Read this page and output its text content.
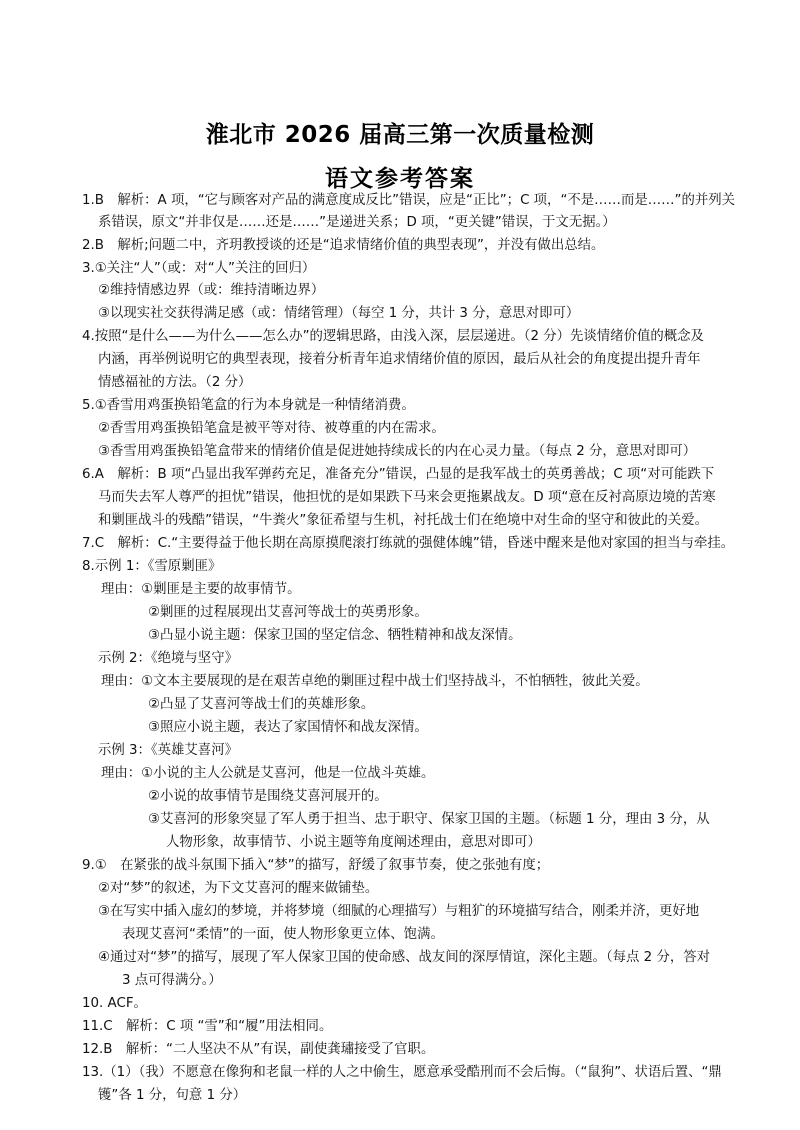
淮北市 2026 届高三第一次质量检测
语文参考答案

1.B　解析：A 项，“它与顾客对产品的满意度成反比”错误，应是“正比”；C 项，“不是……而是……”的并列关

系错误，原文“并非仅是……还是……”是递进关系；D 项，“更关键”错误，于文无据。）

2.B　解析;问题二中，齐玥教授谈的还是“追求情绪价值的典型表现”，并没有做出总结。

3.①关注“人”（或：对“人”关注的回归）

②维持情感边界（或：维持清晰边界）

③以现实社交获得满足感（或：情绪管理）（每空 1 分，共计 3 分，意思对即可）

4.按照“是什么——为什么——怎么办”的逻辑思路，由浅入深，层层递进。（2 分）先谈情绪价值的概念及

内涵，再举例说明它的典型表现，接着分析青年追求情绪价值的原因，最后从社会的角度提出提升青年

情感福祉的方法。（2 分）

5.①香雪用鸡蛋换铅笔盒的行为本身就是一种情绪消费。

②香雪用鸡蛋换铅笔盒是被平等对待、被尊重的内在需求。

③香雪用鸡蛋换铅笔盒带来的情绪价值是促进她持续成长的内在心灵力量。（每点 2 分，意思对即可）

6.A　解析：B 项“凸显出我军弹药充足，准备充分”错误，凸显的是我军战士的英勇善战；C 项“对可能跌下

马而失去军人尊严的担忧”错误，他担忧的是如果跌下马来会更拖累战友。D 项“意在反衬高原边境的苦寒

和剿匪战斗的残酷”错误，“牛粪火”象征希望与生机，衬托战士们在绝境中对生命的坚守和彼此的关爱。

7.C　解析：C.“主要得益于他长期在高原摸爬滚打练就的强健体魄”错，昏迷中醒来是他对家国的担当与牵挂。

8.示例 1：《雪原剿匪》

理由：①剿匪是主要的故事情节。

②剿匪的过程展现出艾喜河等战士的英勇形象。

③凸显小说主题：保家卫国的坚定信念、牺牲精神和战友深情。

示例 2：《绝境与坚守》

理由：①文本主要展现的是在艰苦卓绝的剿匪过程中战士们坚持战斗，不怕牺牲，彼此关爱。

②凸显了艾喜河等战士们的英雄形象。

③照应小说主题，表达了家国情怀和战友深情。

示例 3：《英雄艾喜河》

理由：①小说的主人公就是艾喜河，他是一位战斗英雄。

②小说的故事情节是围绕艾喜河展开的。

③艾喜河的形象突显了军人勇于担当、忠于职守、保家卫国的主题。（标题 1 分，理由 3 分，从

人物形象，故事情节、小说主题等角度阐述理由，意思对即可）

9.①　在紧张的战斗氛围下插入“梦”的描写，舒缓了叙事节奏，使之张弛有度；

②对“梦”的叙述，为下文艾喜河的醒来做铺垫。

③在写实中插入虚幻的梦境，并将梦境（细腻的心理描写）与粗犷的环境描写结合，刚柔并济，更好地

表现艾喜河“柔情”的一面，使人物形象更立体、饱满。

④通过对“梦”的描写，展现了军人保家卫国的使命感、战友间的深厚情谊，深化主题。（每点 2 分，答对

3 点可得满分。）

10. ACF。

11.C　解析：C 项 “雪”和“履”用法相同。

12.B　解析：“二人坚决不从”有误，副使龚璛接受了官职。

13.（1）（我）不愿意在像狗和老鼠一样的人之中偷生，愿意承受酷刑而不会后悔。（“鼠狗”、状语后置、“鼎

镬”各 1 分，句意 1 分）
